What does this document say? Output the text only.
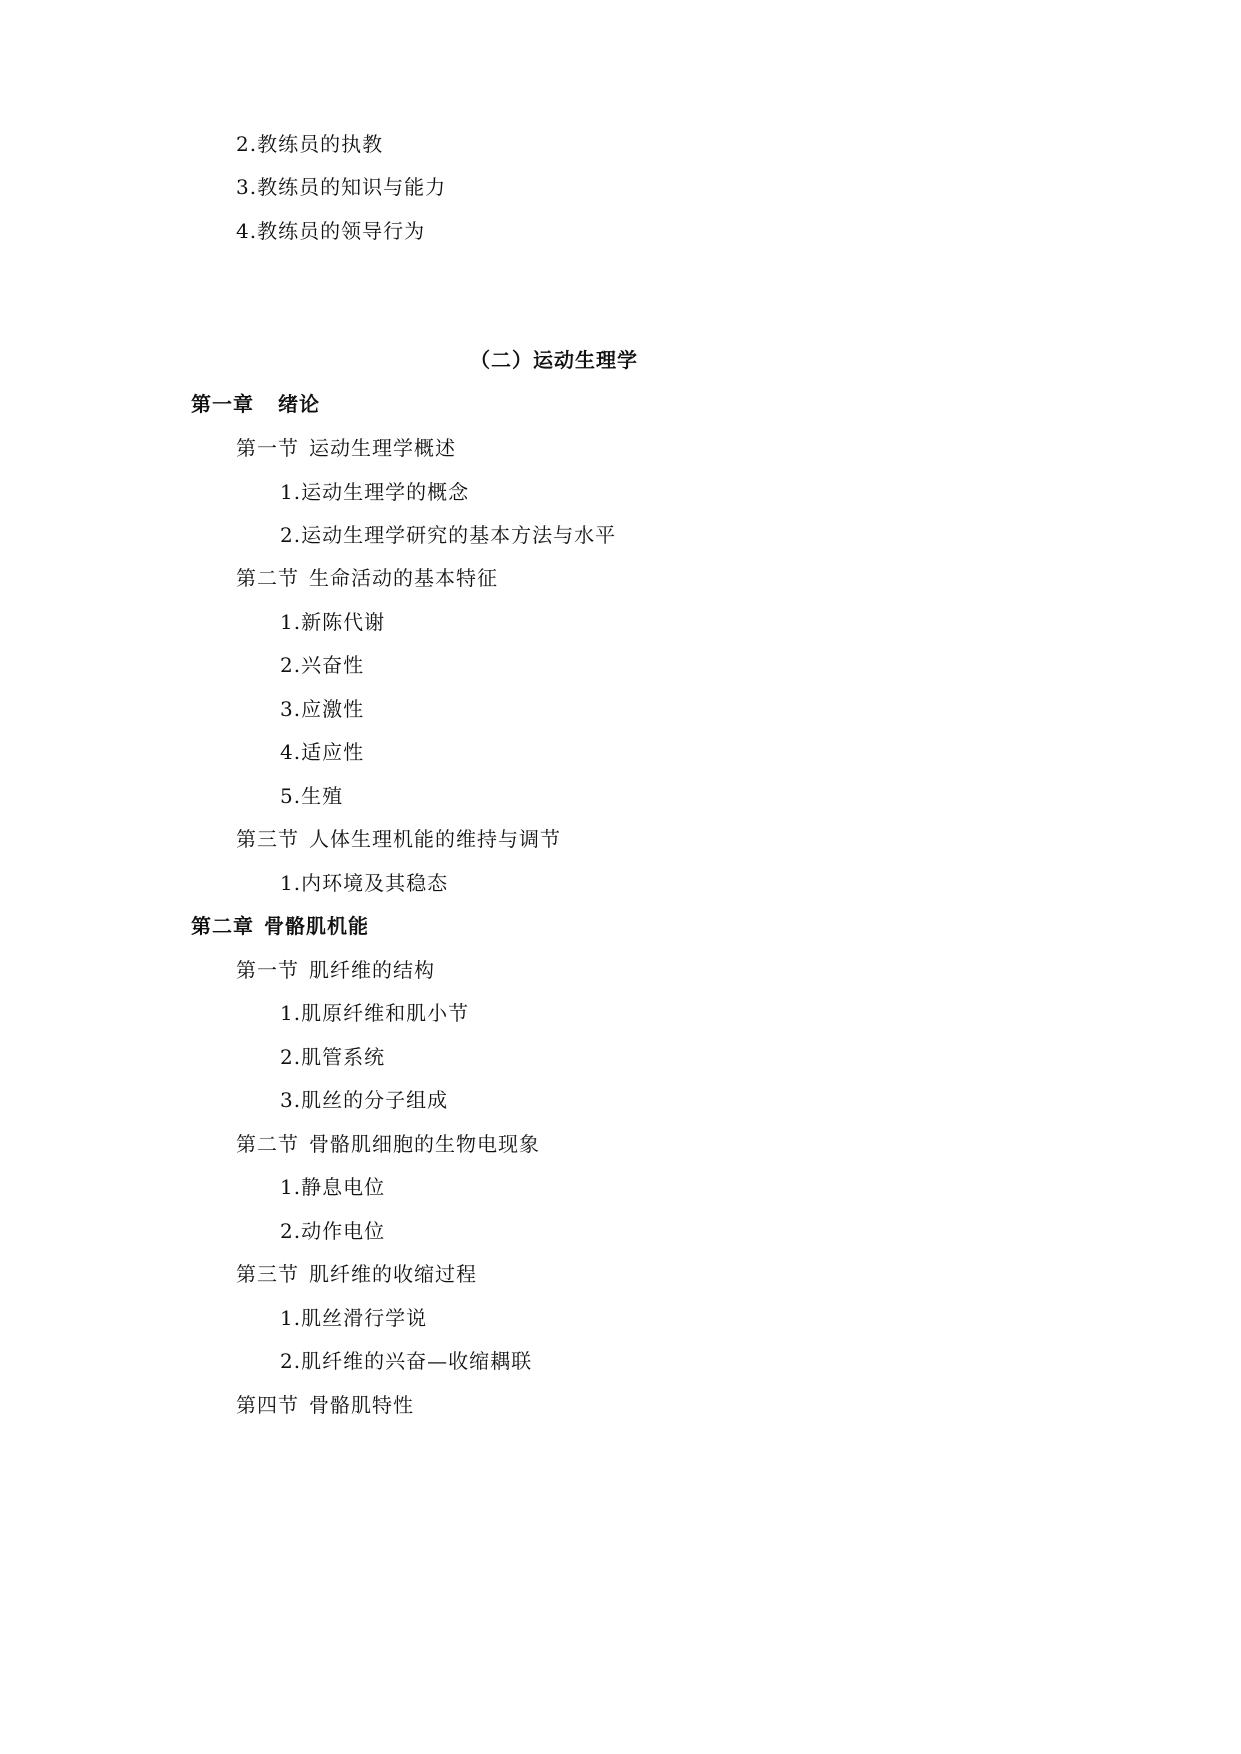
2.教练员的执教
3.教练员的知识与能力
4.教练员的领导行为
（二）运动生理学
第一章 绪论
第一节 运动生理学概述
1.运动生理学的概念
2.运动生理学研究的基本方法与水平
第二节 生命活动的基本特征
1.新陈代谢
2.兴奋性
3.应激性
4.适应性
5.生殖
第三节 人体生理机能的维持与调节
1.内环境及其稳态
第二章 骨骼肌机能
第一节 肌纤维的结构
1.肌原纤维和肌小节
2.肌管系统
3.肌丝的分子组成
第二节 骨骼肌细胞的生物电现象
1.静息电位
2.动作电位
第三节 肌纤维的收缩过程
1.肌丝滑行学说
2.肌纤维的兴奋—收缩耦联
第四节 骨骼肌特性
